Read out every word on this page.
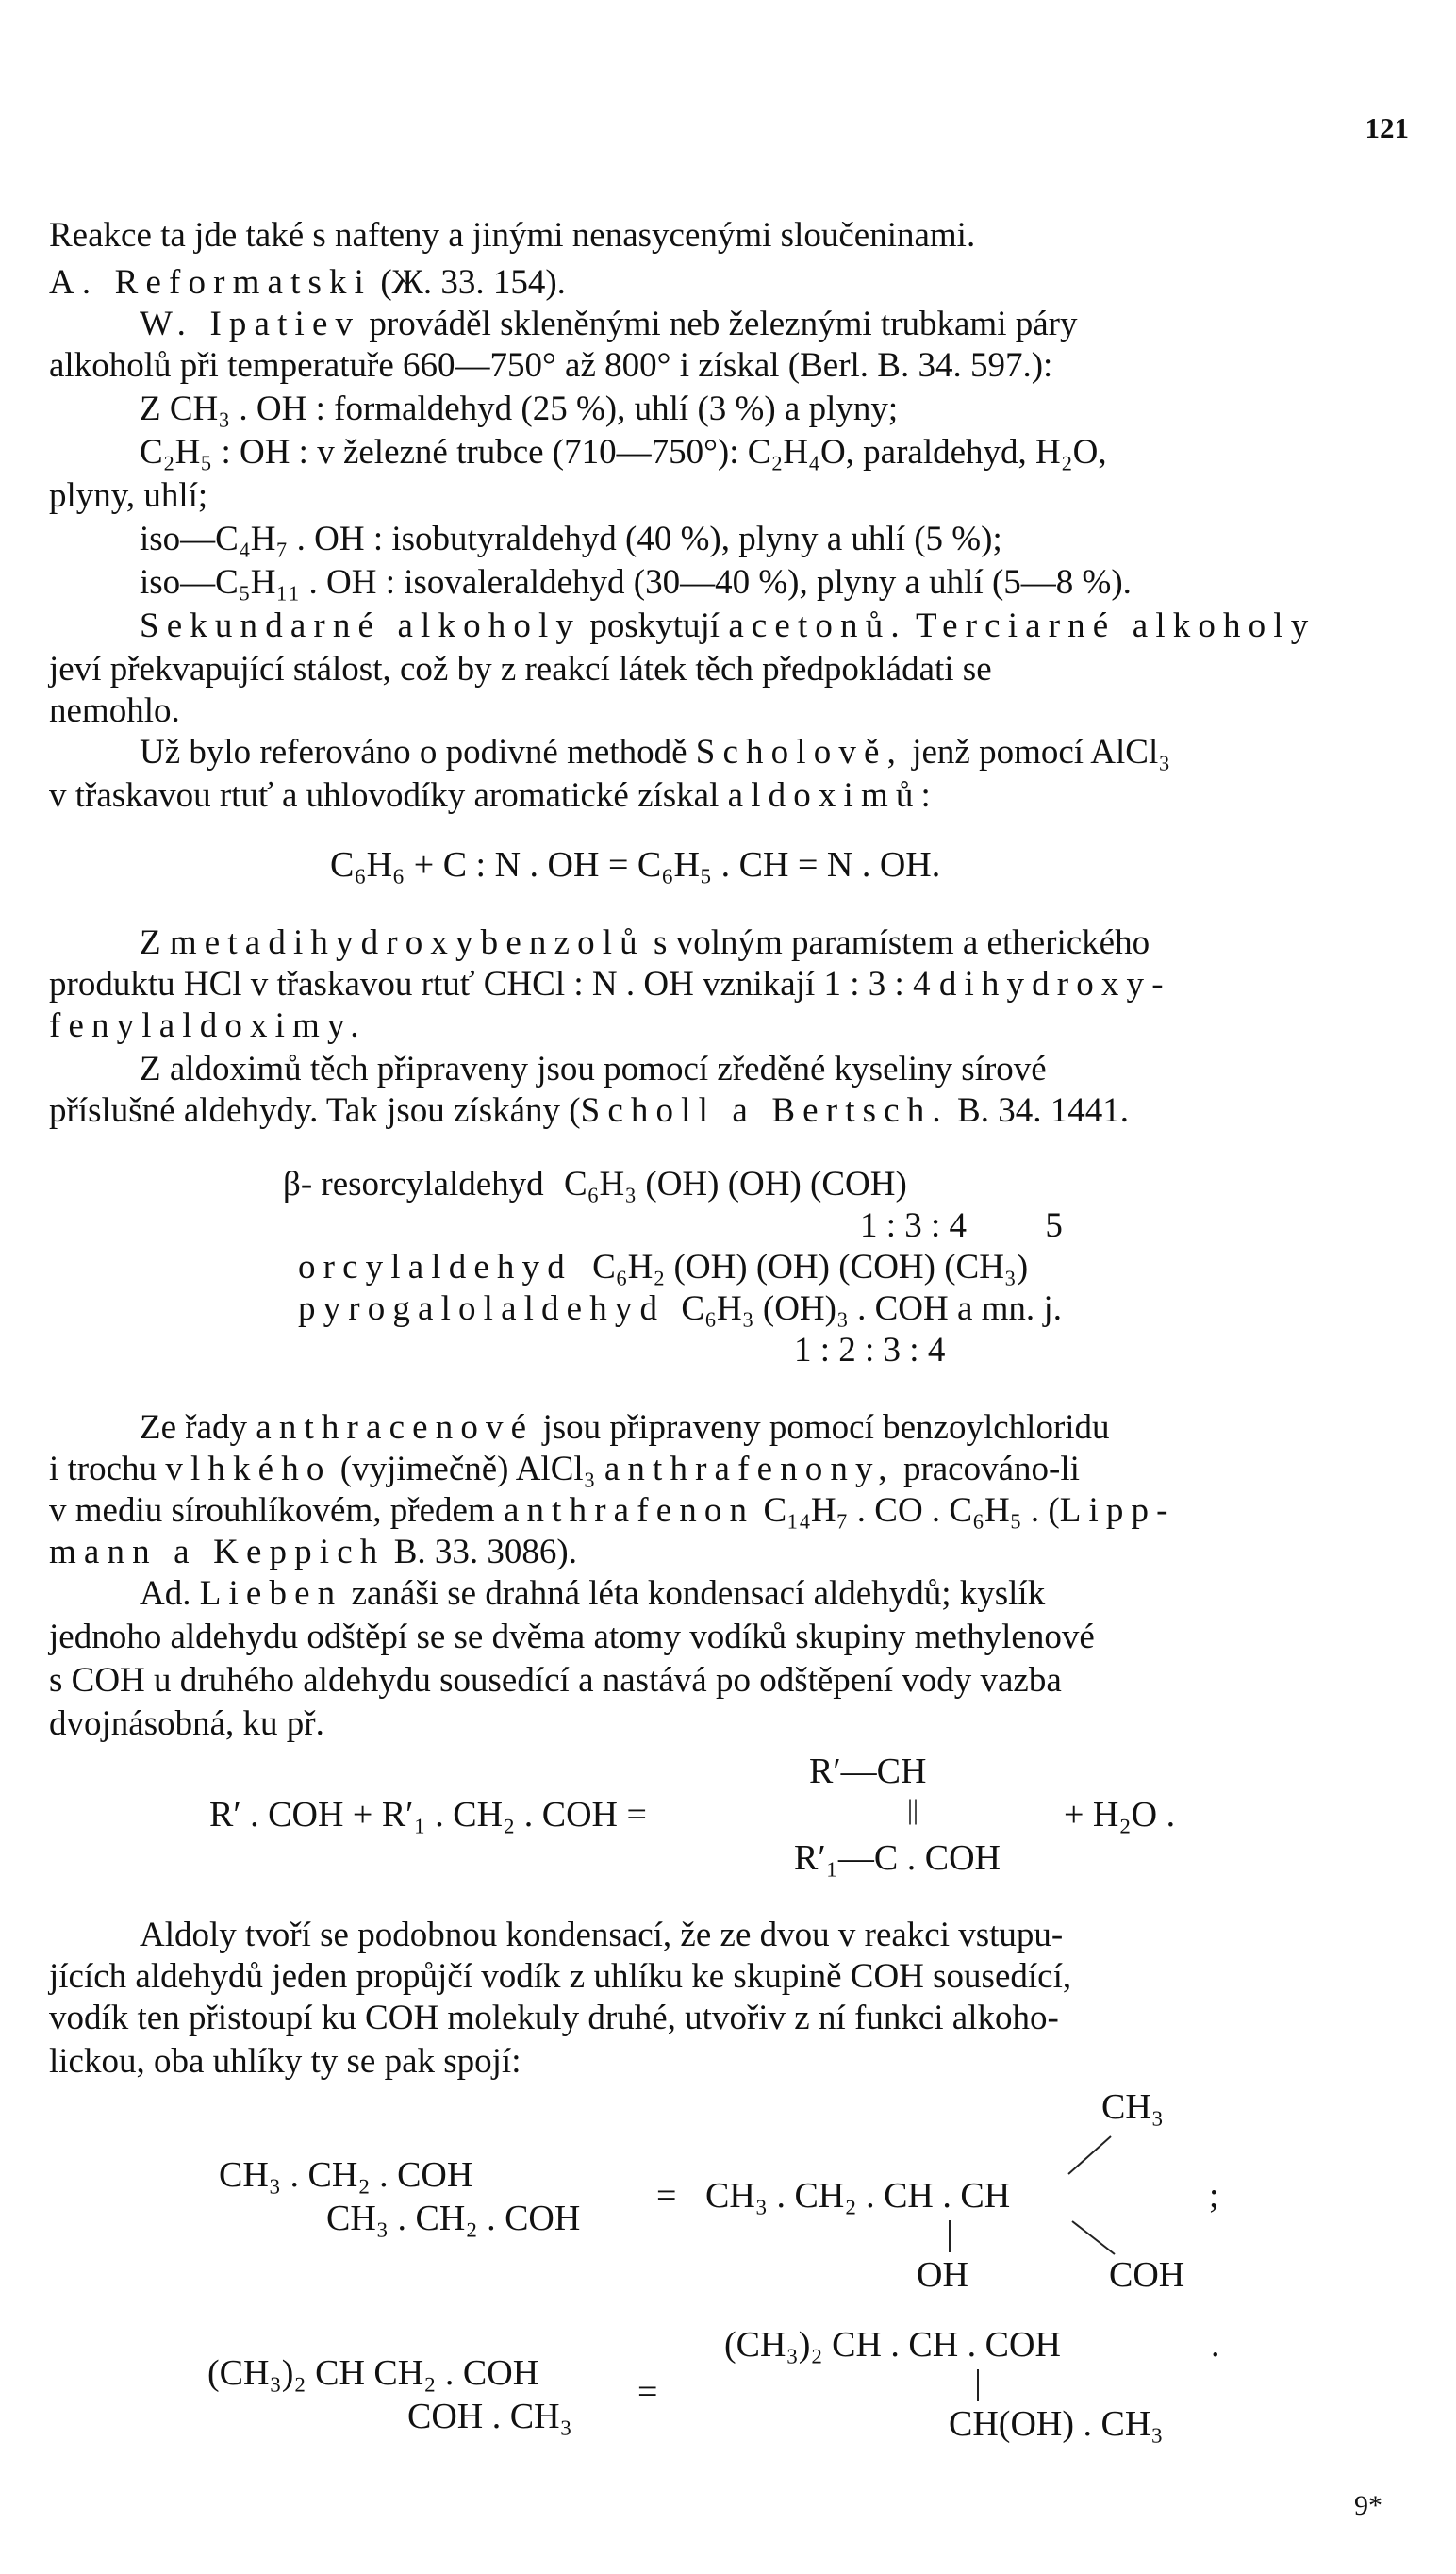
121
Reakce ta jde také s nafteny a jinými nenasycenými sloučeninami.
A. Reformatski (Ж. 33. 154).
W. Ipatiev prováděl skleněnými neb železnými trubkami páry
alkoholů při temperatuře 660—750° až 800° i získal (Berl. B. 34. 597.):
Z CH₃ . OH : formaldehyd (25 %), uhlí (3 %) a plyny;
C₂H₅ : OH : v železné trubce (710—750°): C₂H₄O, paraldehyd, H₂O,
plyny, uhlí;
iso—C₄H₇ . OH : isobutyraldehyd (40 %), plyny a uhlí (5 %);
iso—C₅H₁₁ . OH : isovaleraldehyd (30—40 %), plyny a uhlí (5—8 %).
Sekundarné alkoholy poskytují acetonů. Terciarné alkoholy
jeví překvapující stálost, což by z reakcí látek těch předpokládati se
nemohlo.
Už bylo referováno o podivné methodě Scholově, jenž pomocí AlCl₃
v třaskavou rtuť a uhlovodíky aromatické získal aldoximů:
C₆H₆ + C : N . OH = C₆H₅ . CH = N . OH.
Z metadihydroxybenzolů s volným paramístem a etherického
produktu HCl v třaskavou rtuť CHCl : N . OH vznikají 1 : 3 : 4 dihydroxy-
fenylaldoximy.
Z aldoximů těch připraveny jsou pomocí zředěné kyseliny sírové
příslušné aldehydy. Tak jsou získány (Scholl a Bertsch. B. 34. 1441.
β- resorcylaldehyd C₆H₃ (OH) (OH) (COH)
1 : 3 : 4 5
orcylaldehyd C₆H₂ (OH) (OH) (COH) (CH₃)
pyrogalolaldehyd C₆H₃ (OH)₃ . COH a mn. j.
1 : 2 : 3 : 4
Ze řady anthracenové jsou připraveny pomocí benzoylchloridu
i trochu vlhkého (vyjimečně) AlCl₃ anthrafenony, pracováno-li
v mediu sírouhlíkovém, předem anthrafenon C₁₄H₇ . CO . C₆H₅ . (Lipp-
mann a Keppich B. 33. 3086).
Ad. Lieben zanáši se drahná léta kondensací aldehydů; kyslík
jednoho aldehydu odštěpí se se dvěma atomy vodíků skupiny methylenové
s COH u druhého aldehydu sousedící a nastává po odštěpení vody vazba
dvojnásobná, ku př.
R′ . COH + R′₁ . CH₂ . COH =
R′—CH
||
R′₁—C . COH
+ H₂O .
Aldoly tvoří se podobnou kondensací, že ze dvou v reakci vstupu-
jících aldehydů jeden propůjčí vodík z uhlíku ke skupině COH sousedící,
vodík ten přistoupí ku COH molekuly druhé, utvořiv z ní funkci alkoho-
lickou, oba uhlíky ty se pak spojí:
CH₃
CH₃ . CH₂ . COH
CH₃ . CH₂ . COH
= CH₃ . CH₂ . CH . CH	;
OH	COH
(CH₃)₂ CH CH₂ . COH
COH . CH₃
=
(CH₃)₂ CH . CH . COH	.
CH(OH) . CH₃
9*
